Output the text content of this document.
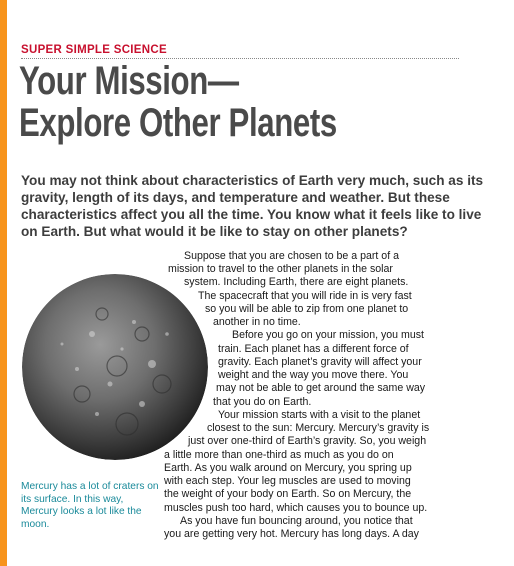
SUPER SIMPLE SCIENCE
Your Mission—
Explore Other Planets

You may not think about characteristics of Earth very much, such as its gravity, length of its days, and temperature and weather. But these characteristics affect you all the time. You know what it feels like to live on Earth. But what would it be like to stay on other planets?

Mercury has a lot of craters on its surface. In this way, Mercury looks a lot like the moon.

Suppose that you are chosen to be a part of a
mission to travel to the other planets in the solar
system. Including Earth, there are eight planets.
The spacecraft that you will ride in is very fast
so you will be able to zip from one planet to
another in no time.
Before you go on your mission, you must
train. Each planet has a different force of
gravity. Each planet’s gravity will affect your
weight and the way you move there. You
may not be able to get around the same way
that you do on Earth.
Your mission starts with a visit to the planet
closest to the sun: Mercury. Mercury’s gravity is
just over one-third of Earth’s gravity. So, you weigh
a little more than one-third as much as you do on
Earth. As you walk around on Mercury, you spring up
with each step. Your leg muscles are used to moving
the weight of your body on Earth. So on Mercury, the
muscles push too hard, which causes you to bounce up.
As you have fun bouncing around, you notice that
you are getting very hot. Mercury has long days. A day
